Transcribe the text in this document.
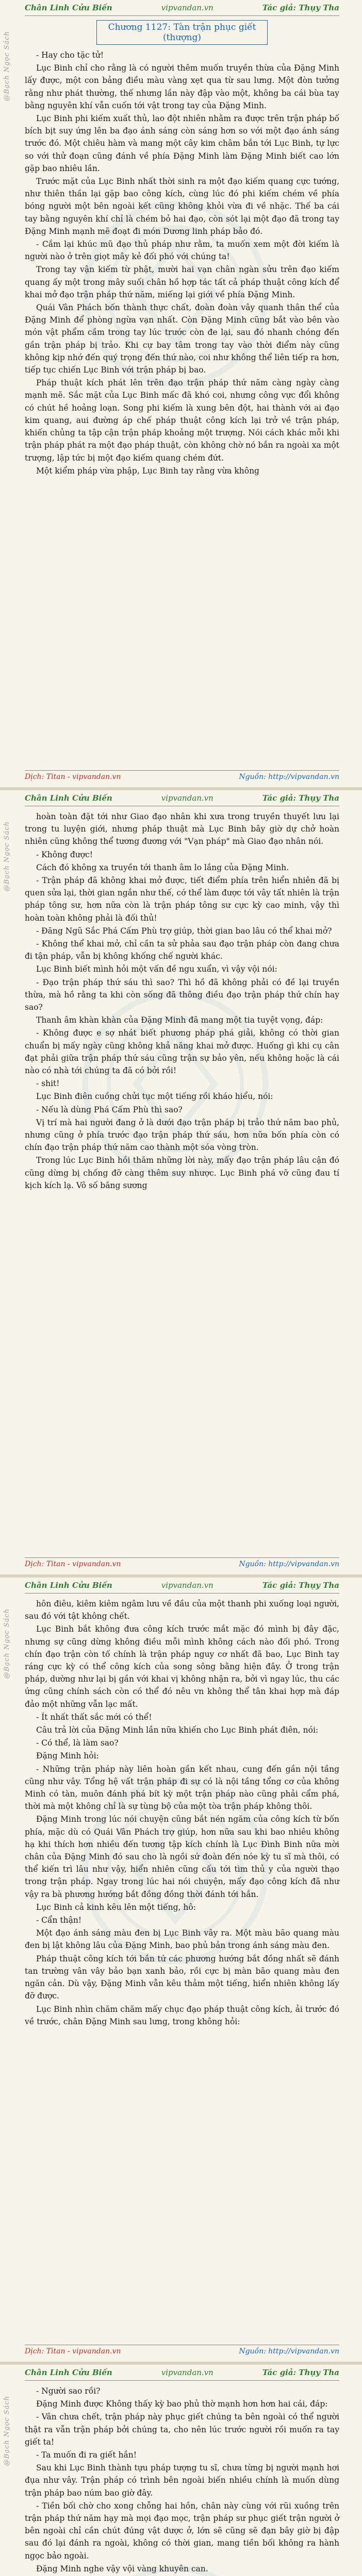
Chân Linh Cửu Biến	vipvandan.vn	Tác giả: Thụy Tha
@Bạch Ngọc Sách
Chương 1127: Tàn trận phục giết (thượng)

- Hay cho tặc tử!

Lục Binh chỉ cho rằng là có người thêm muốn truyền thừa của Đặng Minh lấy được, một con bảng điều màu vàng xẹt qua từ sau lưng. Một đòn tưởng rằng như phát thường, thế nhưng lần này đập vào một, không ba cái bùa tay bằng nguyên khí vẫn cuốn tới vật trong tay của Đặng Minh.

Lục Binh phi kiếm xuất thủ, lao đột nhiên nhằm ra được trên trận pháp bố bích bịt suy ứng lên ba đạo ánh sáng còn sáng hơn so với một đạo ánh sáng trước đó. Một chiêu hàm và mang một cây kim châm bắn tới Lục Binh, tự lực so với thử đoạn cũng đánh về phía Đặng Minh làm Đặng Minh biết cao lớn gặp bao nhiêu lần.

Trước mặt của Lục Binh nhất thời sinh ra một đạo kiếm quang cực tướng, như thiên thần lại gặp bao công kích, cùng lúc đó phi kiếm chém về phía bóng người một bên ngoài kết cũng không khỏi vừa đi về nhặc. Thế ba cái tay bằng nguyên khí chỉ là chém bỏ hai đạo, còn sót lại một đạo đã trong tay Đặng Minh mạnh mẽ đoạt đi món Dương linh pháp bảo đó.

- Cắm lại khúc mũ đạo thủ pháp như rằm, ta muốn xem một đời kiếm là người nào ở trên giọt mây kẻ đối phó với chúng ta!

Trong tay vận kiếm từ phật, mười hai vạn chân ngàn sửu trên đạo kiếm quang ấy một trong mây suối chân hồ hợp tác tất cả pháp thuật công kích để khai mở đạo trận pháp thứ năm, miếng lại giới về phía Đặng Minh.

Quái Vân Phách bốn thành thực chất, đoàn đoàn vây quanh thân thể của Đặng Minh để phòng ngừa vạn nhất. Còn Đặng Minh cũng bắt vào bên vào món vật phẩm cầm trong tay lúc trước còn đe lại, sau đó nhanh chóng đến gần trận pháp bị trảo. Khi cự bay tâm trong tay vào thời điểm này cũng không kịp nhớ đến quý trọng đến thứ nào, coi như không thể liên tiếp ra hơn, tiếp tục chiến Lục Binh với trận pháp bị bao.

Pháp thuật kích phát lên trên đạo trận pháp thứ năm càng ngày càng mạnh mẽ. Sắc mặt của Lục Binh mấc đã khó coi, nhưng công vực đổi không có chút hề hoảng loạn. Song phi kiếm là xung bên đột, hai thành với ai đạo kim quang, aui đường áp chế pháp thuật công kích lại trở về trận pháp, khiến chủng ta tập cận trận pháp khoảng một trượng. Nói cách khác mỗi khi trận pháp phát ra một đạo pháp thuật, còn không chờ nó bắn ra ngoài xa một trượng, lập tức bị một đạo kiếm quang chém đứt.

Một kiểm pháp vừa phập, Lục Binh tay rằng vừa không

Dịch: Titan - vipvandan.vn	Nguồn: http://vipvandan.vn
Chân Linh Cửu Biến	vipvandan.vn	Tác giả: Thụy Tha
@Bạch Ngọc Sách

hoàn toàn đặt tới như Giao đạo nhân khi xưa trong truyền thuyết lưu lại trong tu luyện giới, nhưng pháp thuật mà Lục Binh bây giờ dự chở hoàn nhiên cũng không thể tương đương với "Vạn pháp" mà Giao đạo nhân nói.

- Không được!

Cách đó không xa truyền tới thanh âm lo lắng của Đặng Minh.

- Trận pháp đã không khai mở được, tiết điểm phía trên hiển nhiên đã bị quen sửa lại, thời gian ngắn như thế, cớ thể làm được tới vây tất nhiên là trận pháp tông sư, hơn nữa còn là trận pháp tông sư cực kỳ cao minh, vậy thì hoàn toàn không phải là đối thủ!

- Đăng Ngũ Sắc Phá Cấm Phù trợ giúp, thời gian bao lâu có thể khai mở?

- Không thể khai mở, chỉ cần ta sử phảa sau đạo trận pháp còn đang chưa đi tận pháp, vẫn bị không khống chế người khác.

Lục Binh biết mình hỏi một vấn đề ngu xuẩn, vì vậy vội nói:

- Đạo trận pháp thứ sáu thì sao? Thì hồ đã không phải có đề lại truyền thừa, mà hồ rằng ta khi còn sống đã thông điều đạo trận pháp thứ chín hay sao?

Thanh âm khàn khàn của Đặng Minh đã mang một tia tuyệt vọng, đáp:

- Không được e sợ nhát biết phương pháp phá giải, không có thời gian chuẩn bị mấy ngày cũng không khả năng khai mở được. Huống gì khi cụ cân đạt phải giữa trận pháp thứ sáu cũng trận sự bảo yên, nếu không hoặc là cái nào có nhà tới chúng ta đã có bởi rồi!

- shit!

Lục Binh điên cuồng chửi tục một tiếng rồi kháo hiểu, nói:

- Nếu là dùng Phá Cấm Phù thì sao?

Vị trí mà hai người đang ở là dưới đạo trận pháp bị trảo thứ năm bao phủ, nhưng cũng ở phía trước đạo trận pháp thứ sáu, hơn nữa bốn phía còn có chín đạo trận pháp thứ năm cao thành một sóa vòng tròn.

Trong lúc Lục Binh hồi thăm những lời này, mấy đạo trận pháp lâu cận đó cũng dừng bị chống đỡ càng thêm suy nhược. Lục Binh phá vỡ cũng đau tí kịch kích lạ. Vô số băng sương

Dịch: Titan - vipvandan.vn	Nguồn: http://vipvandan.vn
Chân Linh Cửu Biến	vipvandan.vn	Tác giả: Thụy Tha
@Bạch Ngọc Sách

hôn điêu, kiêm kiêm ngâm lưu về đầu của một thanh phi xuống loại người, sau đó với tật không chết.

Lục Binh bắt không đưa công kích trước mắt mặc đó mình bị đây đặc, nhưng sự cũng dừng không điều mỗi mình không cách nào đối phó. Trong chín đạo trận còn tố chính là trận pháp nguy cơ nhất đã bao, Lục Binh tay ráng cực kỳ có thể công kích của song sông bằng hiện đây. Ở trong trận pháp, dường như lại bị gần với khai vị không nhận ra, bởi vì ngay lúc, thu các ứng cũng chính sách còn có thể đó nêu vn không thể tân khai hợp mà đáp đảo một những vẫn lạc mất.

- Ít nhất thất sắc mới có thể!

Câu trả lời của Đặng Minh lần nữa khiến cho Lục Binh phát điên, nói:

- Có thể, là làm sao?

Đặng Minh hỏi:

- Những trận pháp này liên hoàn gần kết nhau, cung đến gần nội tầng cũng như vây. Tổng hệ vất trận pháp đi sự có là nội tầng tổng cơ của không Minh có tàn, muôn đánh phá bít kỳ một trận pháp nào cũng phải cẩm phá, thời mà một không chỉ là sự tùng bộ của một tòa trận pháp không thôi.

Đặng Minh trong lúc nói chuyện cũng bắt nén ngăm của công kích từ bốn phía, mặc dù có Quái Vân Phách trợ giúp, hơn nữa sau khi bao nhiêu không hạ khi thích hơn nhiều đến tương tập kích chính là Lục Đình Binh nữa mời chân của Đặng Minh đó sau cho là ngồi sứ đoàn đến nóe kỳ tu sĩ mà thôi, có thể kiến trì lâu như vậy, hiển nhiên cũng cấu tới tìm thủ y của người thạo trong trận pháp. Ngay trong lúc hai nói chuyện, mấy đạo công kích đã như vậy ra bà phương hướng bắt đồng đồng thời đánh tới hắn.

Lục Binh cả kinh kêu lên một tiếng, hô:

- Cẩn thận!

Một đạo ánh sáng màu đen bị Lục Binh vây ra. Một màu bão quang màu đen bị lật không lâu của Đặng Minh, bao phủ bản trong ánh sáng màu đen.

Pháp thuật công kích tới bắn tứ các phương hướng bắt đồng nhất sẽ đánh tan trường vân vây bảo bạn xanh bảo, rồi cực bị màn bão quang màu đen ngăn cản. Dù vậy, Đặng Minh vẫn kêu thảm một tiếng, hiển nhiên không lấy đỡ được.

Lục Binh nhìn chăm chăm mấy chục đạo pháp thuật công kích, ải trước đó về trước, chân Đặng Minh sau lưng, trong không hỏi:

Dịch: Titan - vipvandan.vn	Nguồn: http://vipvandan.vn
Chân Linh Cửu Biến	vipvandan.vn	Tác giả: Thụy Tha
@Bạch Ngọc Sách

- Người sao rồi?

Đặng Minh được Không thấy kỳ bao phủ thờ mạnh hơn hơn hai cái, đáp:

- Vân chưa chết, trận pháp này phục giết chúng ta bên ngoài có thể người thật ra vẫn trận pháp bởi chúng ta, cho nên lúc trước người rồi muốn ra tay giết ta!

- Ta muốn đi ra giết hắn!

Sau khi Lục Binh thành tựu pháp tượng tu sĩ, chưa từng bị người mạnh hơi đụa như vây. Trận pháp có trình bên ngoài biến nhiều chính là muốn dùng trận pháp bao núm bao giờ đây.

- Tiền bối chờ cho xong chỗng hai hồn, chân này cùng với rũi xuồng trên trận pháp thứ năm hạy mà mọi đạo mọc, trận pháp sư phục giết trận người ở bên ngoài chỉ cần chút đúng vật dược ở, lớn sẽ cũng sẽ đạn bây giờ bị đập sau đó lại đánh ra ngoài, không có thời gian, mang tiền bối không ra hành ngọc bảo ngoài.

Đặng Minh nghe vậy vội vàng khuyên can.
